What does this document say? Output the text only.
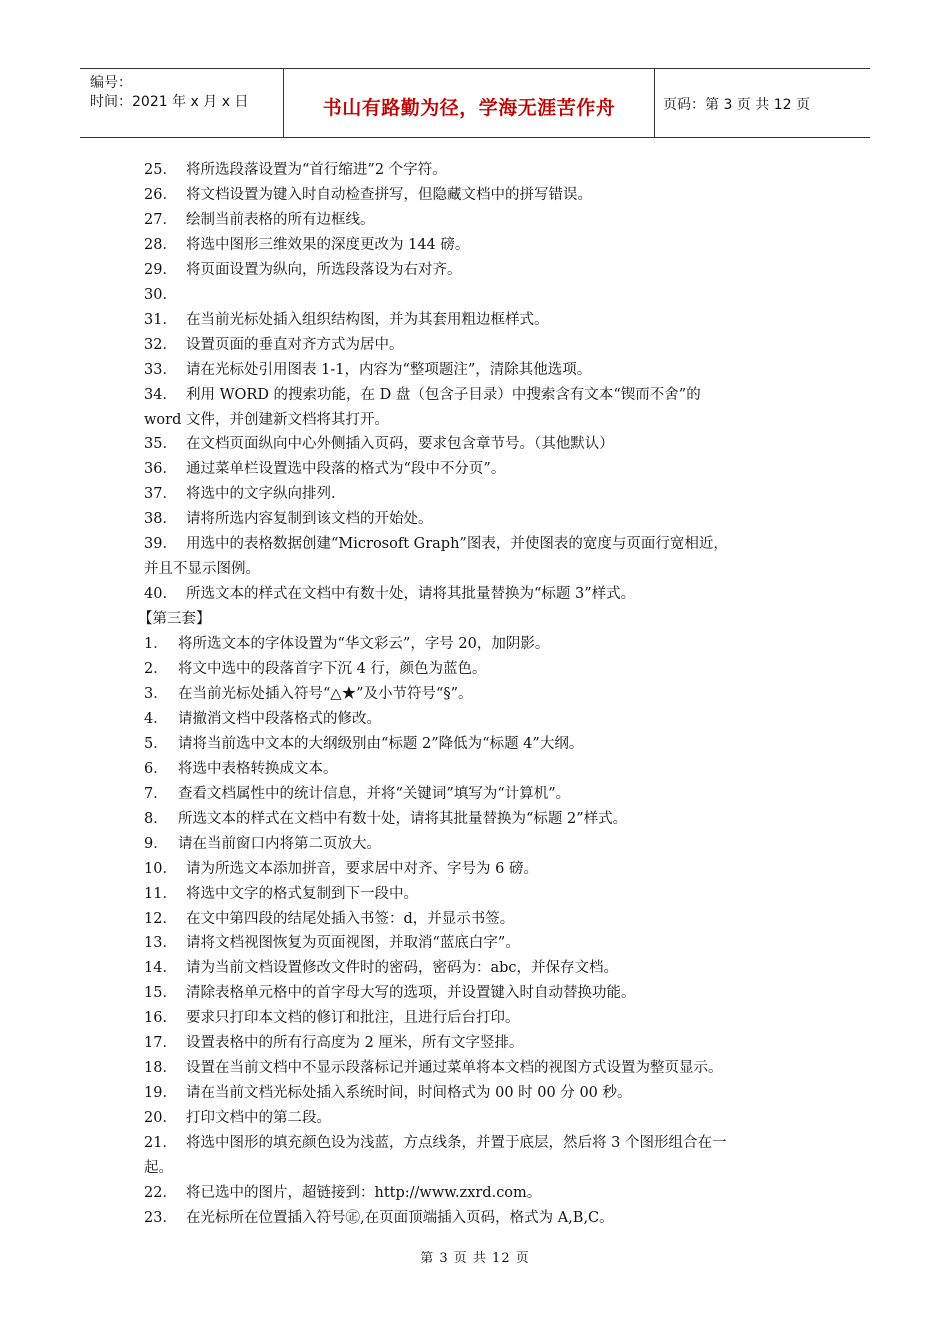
编号：
时间：2021 年 x 月 x 日	书山有路勤为径，学海无涯苦作舟	页码：第 3 页 共 12 页
25． 将所选段落设置为“首行缩进”2 个字符。
26． 将文档设置为键入时自动检查拼写，但隐藏文档中的拼写错误。
27． 绘制当前表格的所有边框线。
28． 将选中图形三维效果的深度更改为 144 磅。
29． 将页面设置为纵向，所选段落设为右对齐。
30．
31． 在当前光标处插入组织结构图，并为其套用粗边框样式。
32． 设置页面的垂直对齐方式为居中。
33． 请在光标处引用图表 1-1，内容为“整项题注”，清除其他选项。
34． 利用 WORD 的搜索功能，在 D 盘（包含子目录）中搜索含有文本“锲而不舍”的
word 文件，并创建新文档将其打开。
35． 在文档页面纵向中心外侧插入页码，要求包含章节号。（其他默认）
36． 通过菜单栏设置选中段落的格式为“段中不分页”。
37． 将选中的文字纵向排列.
38． 请将所选内容复制到该文档的开始处。
39． 用选中的表格数据创建“Microsoft Graph”图表，并使图表的宽度与页面行宽相近，
并且不显示图例。
40． 所选文本的样式在文档中有数十处，请将其批量替换为“标题 3”样式。
【第三套】
1． 将所选文本的字体设置为“华文彩云”，字号 20，加阴影。
2． 将文中选中的段落首字下沉 4 行，颜色为蓝色。
3． 在当前光标处插入符号“△★”及小节符号“§”。
4． 请撤消文档中段落格式的修改。
5． 请将当前选中文本的大纲级别由“标题 2”降低为“标题 4”大纲。
6． 将选中表格转换成文本。
7． 查看文档属性中的统计信息，并将“关键词”填写为“计算机”。
8． 所选文本的样式在文档中有数十处，请将其批量替换为“标题 2”样式。
9． 请在当前窗口内将第二页放大。
10． 请为所选文本添加拼音，要求居中对齐、字号为 6 磅。
11． 将选中文字的格式复制到下一段中。
12． 在文中第四段的结尾处插入书签：d，并显示书签。
13． 请将文档视图恢复为页面视图，并取消“蓝底白字”。
14． 请为当前文档设置修改文件时的密码，密码为：abc，并保存文档。
15． 清除表格单元格中的首字母大写的选项，并设置键入时自动替换功能。
16． 要求只打印本文档的修订和批注，且进行后台打印。
17． 设置表格中的所有行高度为 2 厘米，所有文字竖排。
18． 设置在当前文档中不显示段落标记并通过菜单将本文档的视图方式设置为整页显示。
19． 请在当前文档光标处插入系统时间，时间格式为 00 时 00 分 00 秒。
20． 打印文档中的第二段。
21． 将选中图形的填充颜色设为浅蓝，方点线条，并置于底层，然后将 3 个图形组合在一
起。
22． 将已选中的图片，超链接到：http://www.zxrd.com。
23． 在光标所在位置插入符号㊣,在页面顶端插入页码，格式为 A,B,C。
第 3 页 共 12 页
